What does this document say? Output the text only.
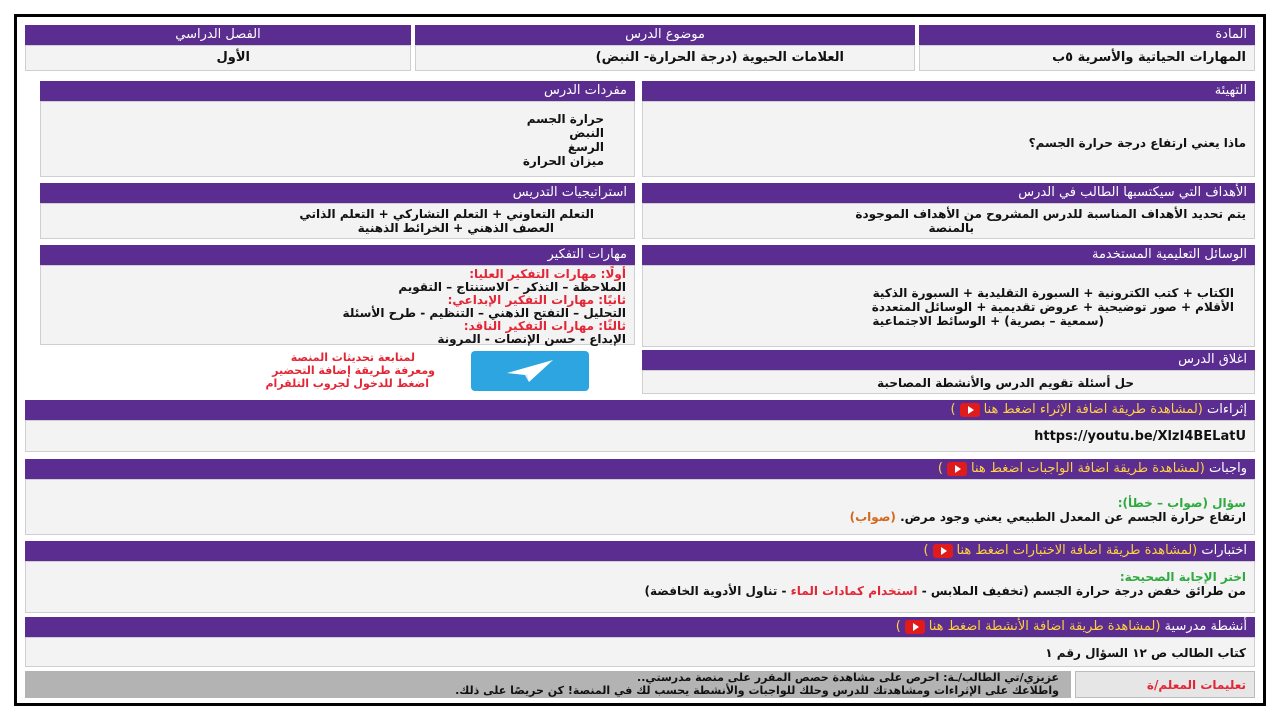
المادة
موضوع الدرس
الفصل الدراسي
المهارات الحياتية والأسرية ٥ب
العلامات الحيوية (درجة الحرارة- النبض)
الأول
التهيئة
ماذا يعني ارتفاع درجة حرارة الجسم؟
مفردات الدرس
حرارة الجسم
النبض
الرسغ
ميزان الحرارة
الأهداف التي سيكتسبها الطالب في الدرس
يتم تحديد الأهداف المناسبة للدرس المشروح من الأهداف الموجودة
بالمنصة
استراتيجيات التدريس
التعلم التعاوني + التعلم التشاركي + التعلم الذاتي
العصف الذهني + الخرائط الذهنية
الوسائل التعليمية المستخدمة
الكتاب + كتب الكترونية + السبورة التقليدية + السبورة الذكية
الأقلام + صور توضيحية + عروض تقديمية + الوسائل المتعددة
(سمعية – بصرية) + الوسائط الاجتماعية
مهارات التفكير
أولًا: مهارات التفكير العليا:
الملاحظة – التذكر – الاستنتاج – التقويم
ثانيًا: مهارات التفكير الإبداعي:
التحليل – التفتح الذهني – التنظيم - طرح الأسئلة
ثالثًا: مهارات التفكير الناقد:
الإبداع - حسن الإنصات - المرونة
اغلاق الدرس
حل أسئلة تقويم الدرس والأنشطة المصاحبة
لمتابعة تحديثات المنصة
ومعرفة طريقة إضافة التحضير
اضغط للدخول لجروب التلقرام
إثراءات (لمشاهدة طريقة اضافة الإثراء اضغط هنا)
https://youtu.be/XlzI4BELatU
واجبات (لمشاهدة طريقة اضافة الواجبات اضغط هنا)
سؤال (صواب – خطأ):
ارتفاع حرارة الجسم عن المعدل الطبيعي يعني وجود مرض. (صواب)
اختبارات (لمشاهدة طريقة اضافة الاختبارات اضغط هنا)
اختر الإجابة الصحيحة:
من طرائق خفض درجة حرارة الجسم (تخفيف الملابس - استخدام كمادات الماء - تناول الأدوية الخافضة)
أنشطة مدرسية (لمشاهدة طريقة اضافة الأنشطة اضغط هنا)
كتاب الطالب ص ١٢ السؤال رقم ١
تعليمات المعلم/ة
عزيزي/تي الطالب/ـة: احرص على مشاهدة حصص المقرر على منصة مدرستي..
واطلاعك على الإثراءات ومشاهدتك للدرس وحلك للواجبات والأنشطة يحسب لك في المنصة! كن حريصًا على ذلك.
